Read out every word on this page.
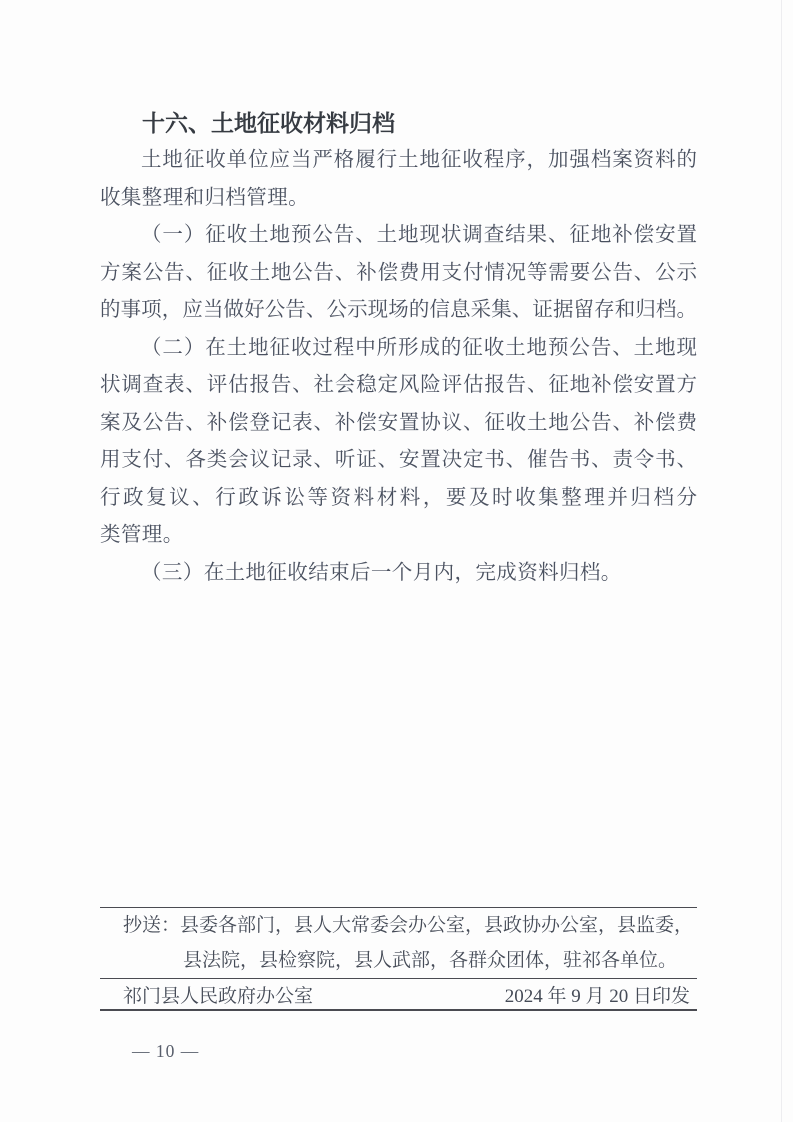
十六、土地征收材料归档
土地征收单位应当严格履行土地征收程序，加强档案资料的
收集整理和归档管理。
（一）征收土地预公告、土地现状调查结果、征地补偿安置
方案公告、征收土地公告、补偿费用支付情况等需要公告、公示
的事项，应当做好公告、公示现场的信息采集、证据留存和归档。
（二）在土地征收过程中所形成的征收土地预公告、土地现
状调查表、评估报告、社会稳定风险评估报告、征地补偿安置方
案及公告、补偿登记表、补偿安置协议、征收土地公告、补偿费
用支付、各类会议记录、听证、安置决定书、催告书、责令书、
行政复议、行政诉讼等资料材料，要及时收集整理并归档分
类管理。
（三）在土地征收结束后一个月内，完成资料归档。
抄送：县委各部门，县人大常委会办公室，县政协办公室，县监委，
县法院，县检察院，县人武部，各群众团体，驻祁各单位。
祁门县人民政府办公室	2024 年 9 月 20 日印发
— 10 —
